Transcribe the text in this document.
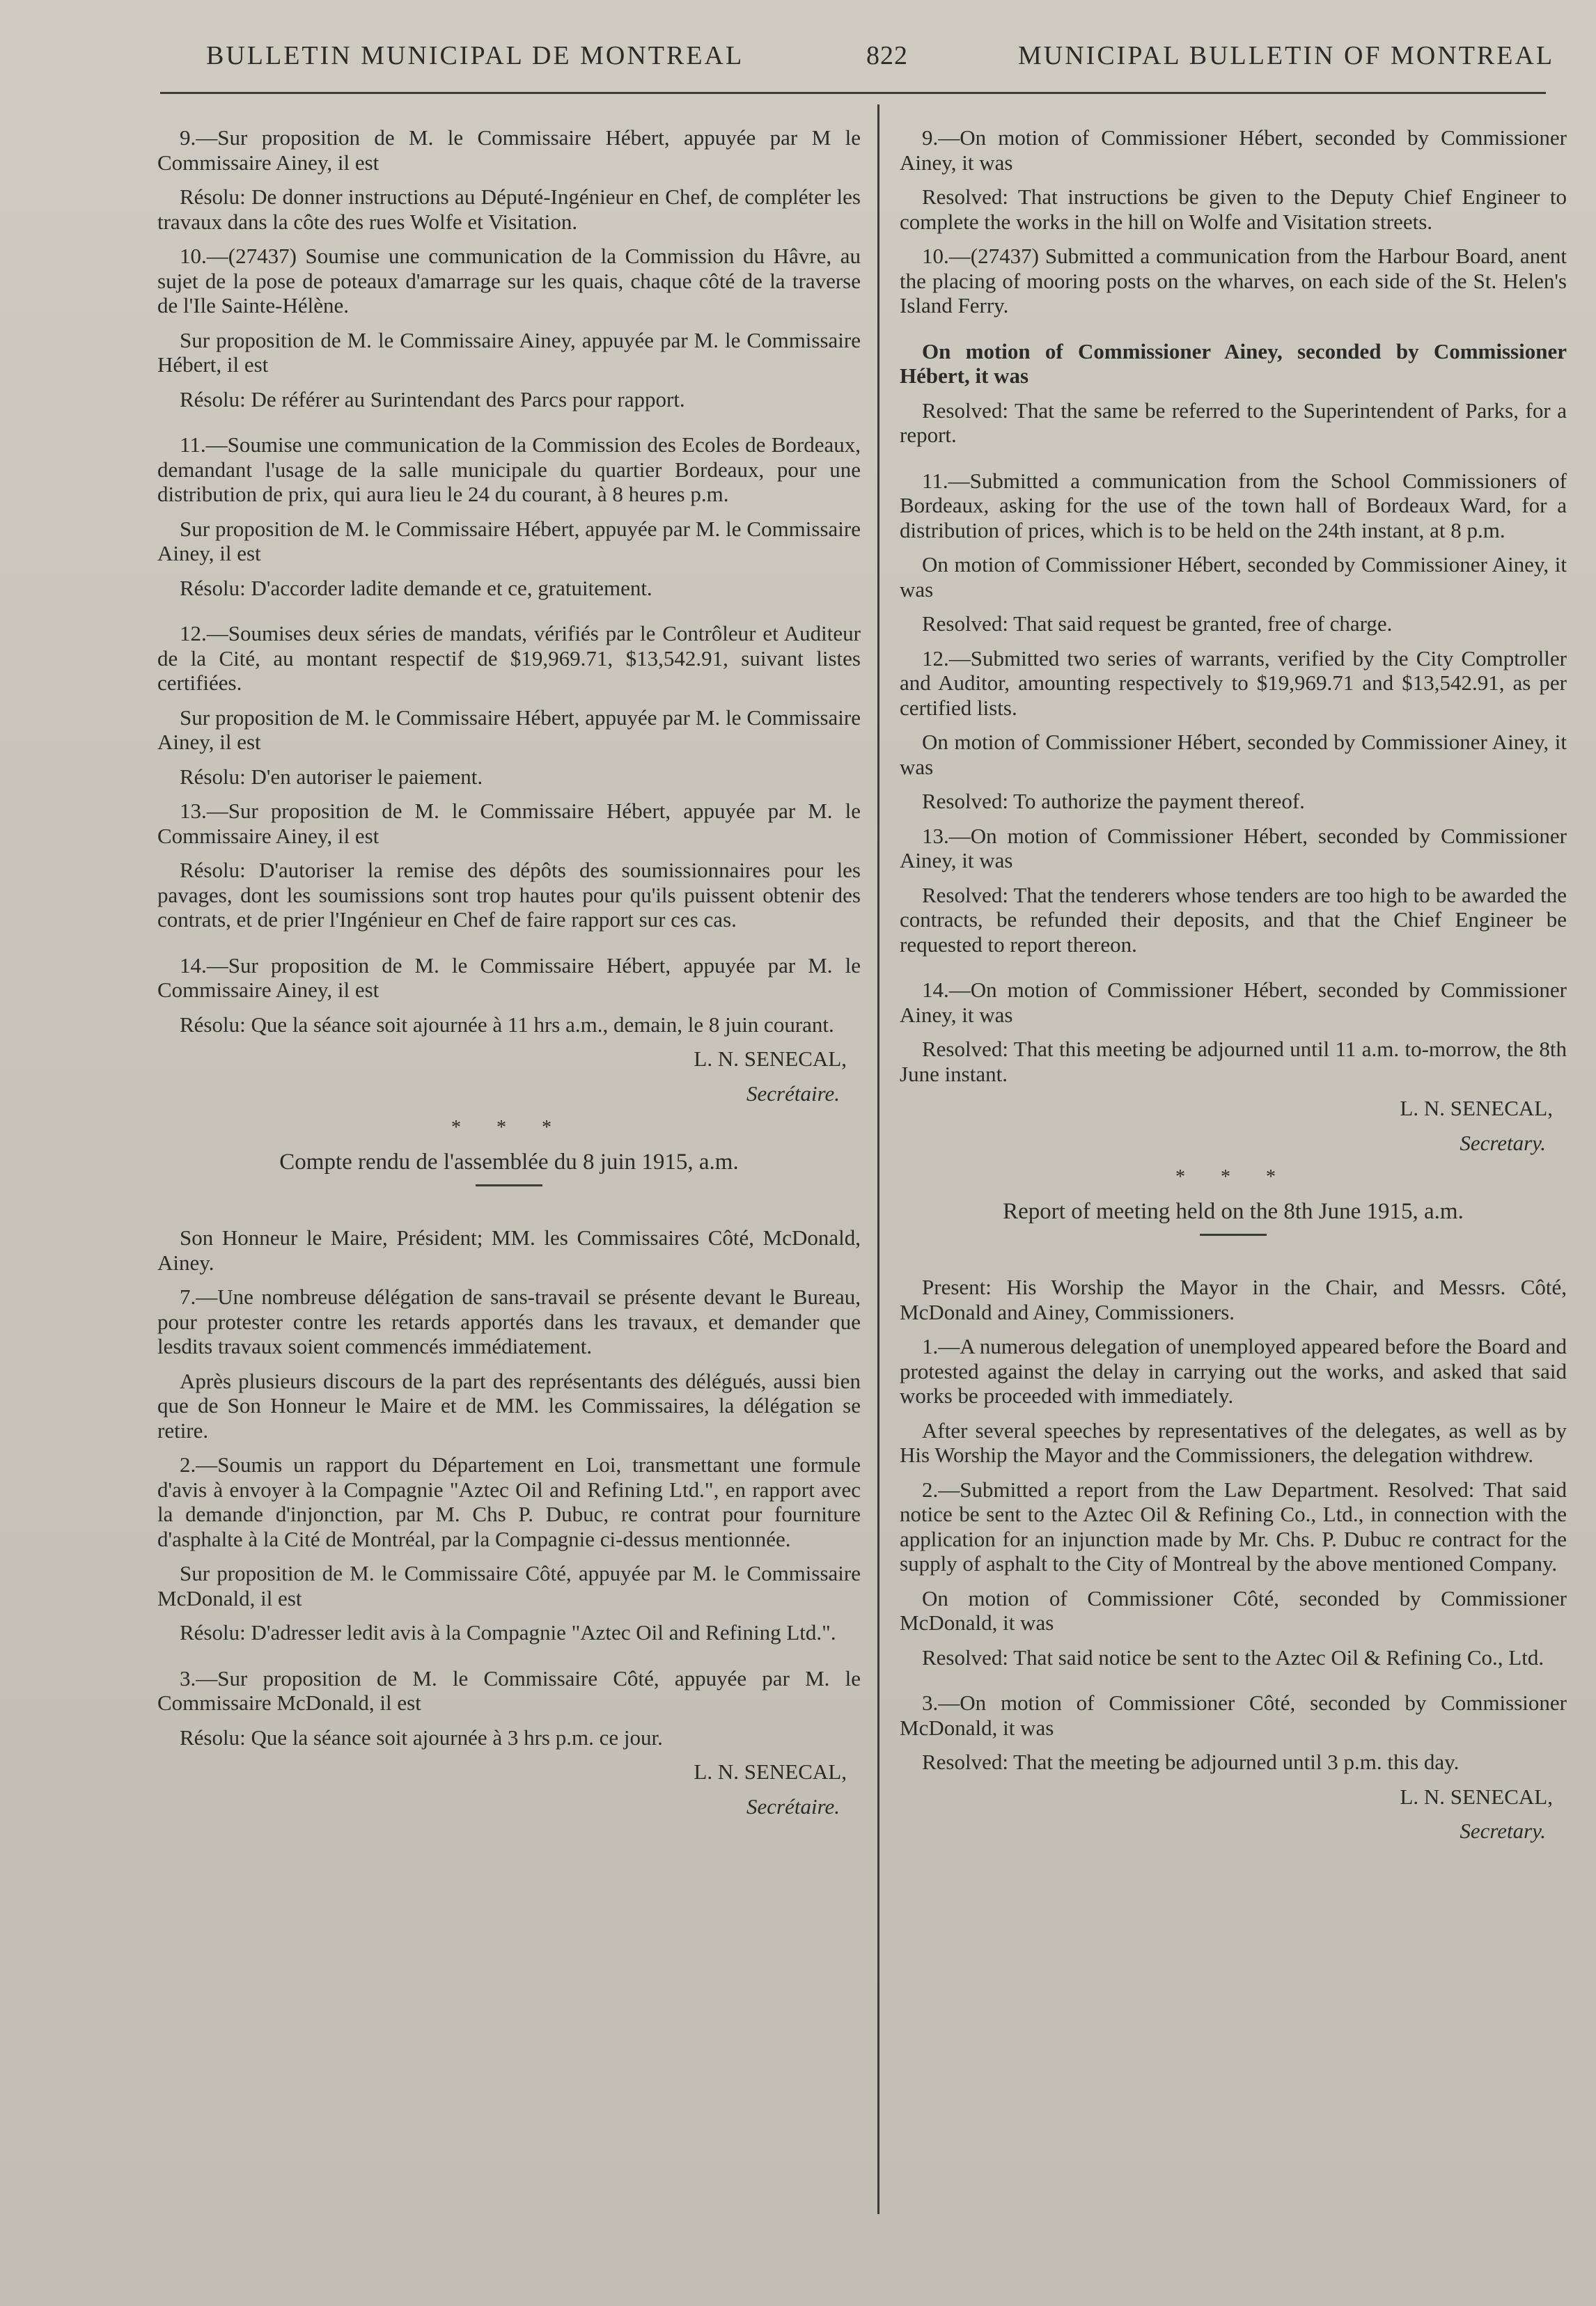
BULLETIN MUNICIPAL DE MONTREAL	822	MUNICIPAL BULLETIN OF MONTREAL

9.—Sur proposition de M. le Commissaire Hébert, appuyée par M le Commissaire Ainey, il est

Résolu: De donner instructions au Député-Ingénieur en Chef, de compléter les travaux dans la côte des rues Wolfe et Visitation.

10.—(27437) Soumise une communication de la Commission du Hâvre, au sujet de la pose de poteaux d'amarrage sur les quais, chaque côté de la traverse de l'Ile Sainte-Hélène.

Sur proposition de M. le Commissaire Ainey, appuyée par M. le Commissaire Hébert, il est

Résolu: De référer au Surintendant des Parcs pour rapport.

11.—Soumise une communication de la Commission des Ecoles de Bordeaux, demandant l'usage de la salle municipale du quartier Bordeaux, pour une distribution de prix, qui aura lieu le 24 du courant, à 8 heures p.m.

Sur proposition de M. le Commissaire Hébert, appuyée par M. le Commissaire Ainey, il est

Résolu: D'accorder ladite demande et ce, gratuitement.

12.—Soumises deux séries de mandats, vérifiés par le Contrôleur et Auditeur de la Cité, au montant respectif de $19,969.71, $13,542.91, suivant listes certifiées.

Sur proposition de M. le Commissaire Hébert, appuyée par M. le Commissaire Ainey, il est

Résolu: D'en autoriser le paiement.

13.—Sur proposition de M. le Commissaire Hébert, appuyée par M. le Commissaire Ainey, il est

Résolu: D'autoriser la remise des dépôts des soumissionnaires pour les pavages, dont les soumissions sont trop hautes pour qu'ils puissent obtenir des contrats, et de prier l'Ingénieur en Chef de faire rapport sur ces cas.

14.—Sur proposition de M. le Commissaire Hébert, appuyée par M. le Commissaire Ainey, il est

Résolu: Que la séance soit ajournée à 11 hrs a.m., demain, le 8 juin courant.

L. N. SENECAL,

Secrétaire.

* * *

Compte rendu de l'assemblée du 8 juin 1915, a.m.

Son Honneur le Maire, Président; MM. les Commissaires Côté, McDonald, Ainey.

7.—Une nombreuse délégation de sans-travail se présente devant le Bureau, pour protester contre les retards apportés dans les travaux, et demander que lesdits travaux soient commencés immédiatement.

Après plusieurs discours de la part des représentants des délégués, aussi bien que de Son Honneur le Maire et de MM. les Commissaires, la délégation se retire.

2.—Soumis un rapport du Département en Loi, transmettant une formule d'avis à envoyer à la Compagnie "Aztec Oil and Refining Ltd.", en rapport avec la demande d'injonction, par M. Chs P. Dubuc, re contrat pour fourniture d'asphalte à la Cité de Montréal, par la Compagnie ci-dessus mentionnée.

Sur proposition de M. le Commissaire Côté, appuyée par M. le Commissaire McDonald, il est

Résolu: D'adresser ledit avis à la Compagnie "Aztec Oil and Refining Ltd.".

3.—Sur proposition de M. le Commissaire Côté, appuyée par M. le Commissaire McDonald, il est

Résolu: Que la séance soit ajournée à 3 hrs p.m. ce jour.

L. N. SENECAL,

Secrétaire.

9.—On motion of Commissioner Hébert, seconded by Commissioner Ainey, it was

Resolved: That instructions be given to the Deputy Chief Engineer to complete the works in the hill on Wolfe and Visitation streets.

10.—(27437) Submitted a communication from the Harbour Board, anent the placing of mooring posts on the wharves, on each side of the St. Helen's Island Ferry.

On motion of Commissioner Ainey, seconded by Commissioner Hébert, it was

Resolved: That the same be referred to the Superintendent of Parks, for a report.

11.—Submitted a communication from the School Commissioners of Bordeaux, asking for the use of the town hall of Bordeaux Ward, for a distribution of prices, which is to be held on the 24th instant, at 8 p.m.

On motion of Commissioner Hébert, seconded by Commissioner Ainey, it was

Resolved: That said request be granted, free of charge.

12.—Submitted two series of warrants, verified by the City Comptroller and Auditor, amounting respectively to $19,969.71 and $13,542.91, as per certified lists.

On motion of Commissioner Hébert, seconded by Commissioner Ainey, it was

Resolved: To authorize the payment thereof.

13.—On motion of Commissioner Hébert, seconded by Commissioner Ainey, it was

Resolved: That the tenderers whose tenders are too high to be awarded the contracts, be refunded their deposits, and that the Chief Engineer be requested to report thereon.

14.—On motion of Commissioner Hébert, seconded by Commissioner Ainey, it was

Resolved: That this meeting be adjourned until 11 a.m. to-morrow, the 8th June instant.

L. N. SENECAL,

Secretary.

* * *

Report of meeting held on the 8th June 1915, a.m.

Present: His Worship the Mayor in the Chair, and Messrs. Côté, McDonald and Ainey, Commissioners.

1.—A numerous delegation of unemployed appeared before the Board and protested against the delay in carrying out the works, and asked that said works be proceeded with immediately.

After several speeches by representatives of the delegates, as well as by His Worship the Mayor and the Commissioners, the delegation withdrew.

2.—Submitted a report from the Law Department. Resolved: That said notice be sent to the Aztec Oil & Refining Co., Ltd., in connection with the application for an injunction made by Mr. Chs. P. Dubuc re contract for the supply of asphalt to the City of Montreal by the above mentioned Company.

On motion of Commissioner Côté, seconded by Commissioner McDonald, it was

Resolved: That said notice be sent to the Aztec Oil & Refining Co., Ltd.

3.—On motion of Commissioner Côté, seconded by Commissioner McDonald, it was

Resolved: That the meeting be adjourned until 3 p.m. this day.

L. N. SENECAL,

Secretary.
